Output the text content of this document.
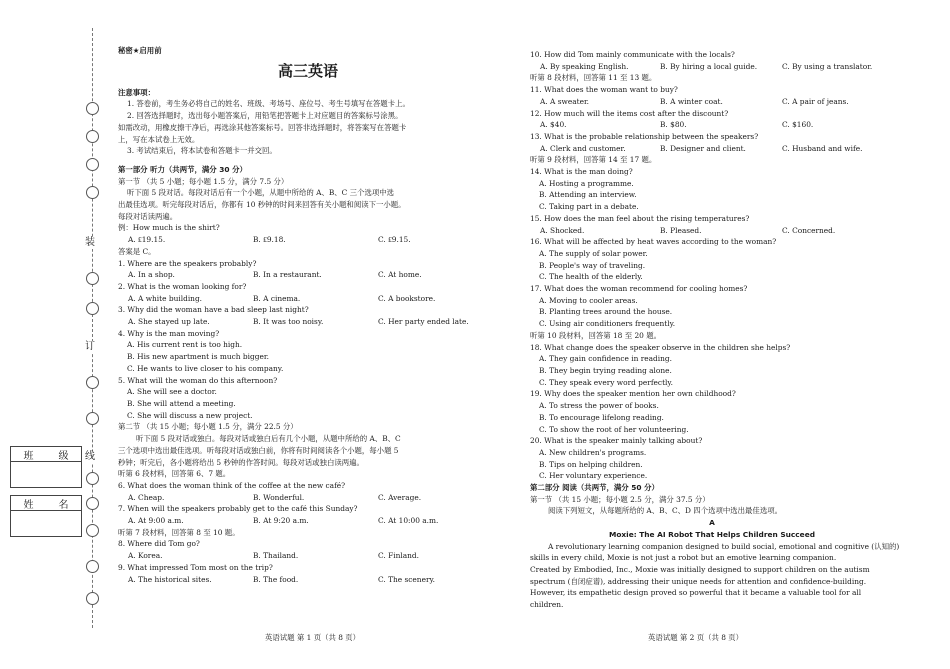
装
订
线
班	级
姓	名

秘密★启用前

高三英语

注意事项：

1. 答卷前，考生务必将自己的姓名、班级、考场号、座位号、考生号填写在答题卡上。

2. 回答选择题时，选出每小题答案后，用铅笔把答题卡上对应题目的答案标号涂黑。

如需改动，用橡皮擦干净后，再选涂其他答案标号。回答非选择题时，将答案写在答题卡

上，写在本试卷上无效。

3. 考试结束后，将本试卷和答题卡一并交回。

第一部分 听力（共两节，满分 30 分）

第一节 （共 5 小题；每小题 1.5 分，满分 7.5 分）

听下面 5 段对话。每段对话后有一个小题，从题中所给的 A、B、C 三个选项中选

出最佳选项。听完每段对话后，你都有 10 秒钟的时间来回答有关小题和阅读下一小题。

每段对话读两遍。

例：How much is the shirt?

A. ₤19.15.	B. ₤9.18.	C. ₤9.15.

答案是 C。

1. Where are the speakers probably?

A. In a shop.	B. In a restaurant.	C. At home.

2. What is the woman looking for?

A. A white building.	B. A cinema.	C. A bookstore.

3. Why did the woman have a bad sleep last night?

A. She stayed up late.	B. It was too noisy.	C. Her party ended late.

4. Why is the man moving?

A. His current rent is too high.

B. His new apartment is much bigger.

C. He wants to live closer to his company.

5. What will the woman do this afternoon?

A. She will see a doctor.

B. She will attend a meeting.

C. She will discuss a new project.

第二节 （共 15 小题；每小题 1.5 分，满分 22.5 分）

听下面 5 段对话或独白。每段对话或独白后有几个小题，从题中所给的 A、B、C

三个选项中选出最佳选项。听每段对话或独白前，你将有时间阅读各个小题，每小题 5

秒钟；听完后，各小题将给出 5 秒钟的作答时间。每段对话或独白读两遍。

听第 6 段材料，回答第 6、7 题。

6. What does the woman think of the coffee at the new café?

A. Cheap.	B. Wonderful.	C. Average.

7. When will the speakers probably get to the café this Sunday?

A. At 9:00 a.m.	B. At 9:20 a.m.	C. At 10:00 a.m.

听第 7 段材料，回答第 8 至 10 题。

8. Where did Tom go?

A. Korea.	B. Thailand.	C. Finland.

9. What impressed Tom most on the trip?

A. The historical sites.	B. The food.	C. The scenery.

10. How did Tom mainly communicate with the locals?

A. By speaking English.	B. By hiring a local guide.	C. By using a translator.

听第 8 段材料，回答第 11 至 13 题。

11. What does the woman want to buy?

A. A sweater.	B. A winter coat.	C. A pair of jeans.

12. How much will the items cost after the discount?

A. $40.	B. $80.	C. $160.

13. What is the probable relationship between the speakers?

A. Clerk and customer.	B. Designer and client.	C. Husband and wife.

听第 9 段材料，回答第 14 至 17 题。

14. What is the man doing?

A. Hosting a programme.

B. Attending an interview.

C. Taking part in a debate.

15. How does the man feel about the rising temperatures?

A. Shocked.	B. Pleased.	C. Concerned.

16. What will be affected by heat waves according to the woman?

A. The supply of solar power.

B. People's way of traveling.

C. The health of the elderly.

17. What does the woman recommend for cooling homes?

A. Moving to cooler areas.

B. Planting trees around the house.

C. Using air conditioners frequently.

听第 10 段材料，回答第 18 至 20 题。

18. What change does the speaker observe in the children she helps?

A. They gain confidence in reading.

B. They begin trying reading alone.

C. They speak every word perfectly.

19. Why does the speaker mention her own childhood?

A. To stress the power of books.

B. To encourage lifelong reading.

C. To show the root of her volunteering.

20. What is the speaker mainly talking about?

A. New children's programs.

B. Tips on helping children.

C. Her voluntary experience.

第二部分 阅读（共两节，满分 50 分）

第一节 （共 15 小题；每小题 2.5 分，满分 37.5 分）

阅读下列短文，从每题所给的 A、B、C、D 四个选项中选出最佳选项。

A

Moxie: The AI Robot That Helps Children Succeed

A revolutionary learning companion designed to build social, emotional and cognitive (认知的)

skills in every child, Moxie is not just a robot but an emotive learning companion.

Created by Embodied, Inc., Moxie was initially designed to support children on the autism

spectrum (自闭症谱), addressing their unique needs for attention and confidence-building.

However, its empathetic design proved so powerful that it became a valuable tool for all

children.

英语试题 第 1 页（共 8 页）	英语试题 第 2 页（共 8 页）
